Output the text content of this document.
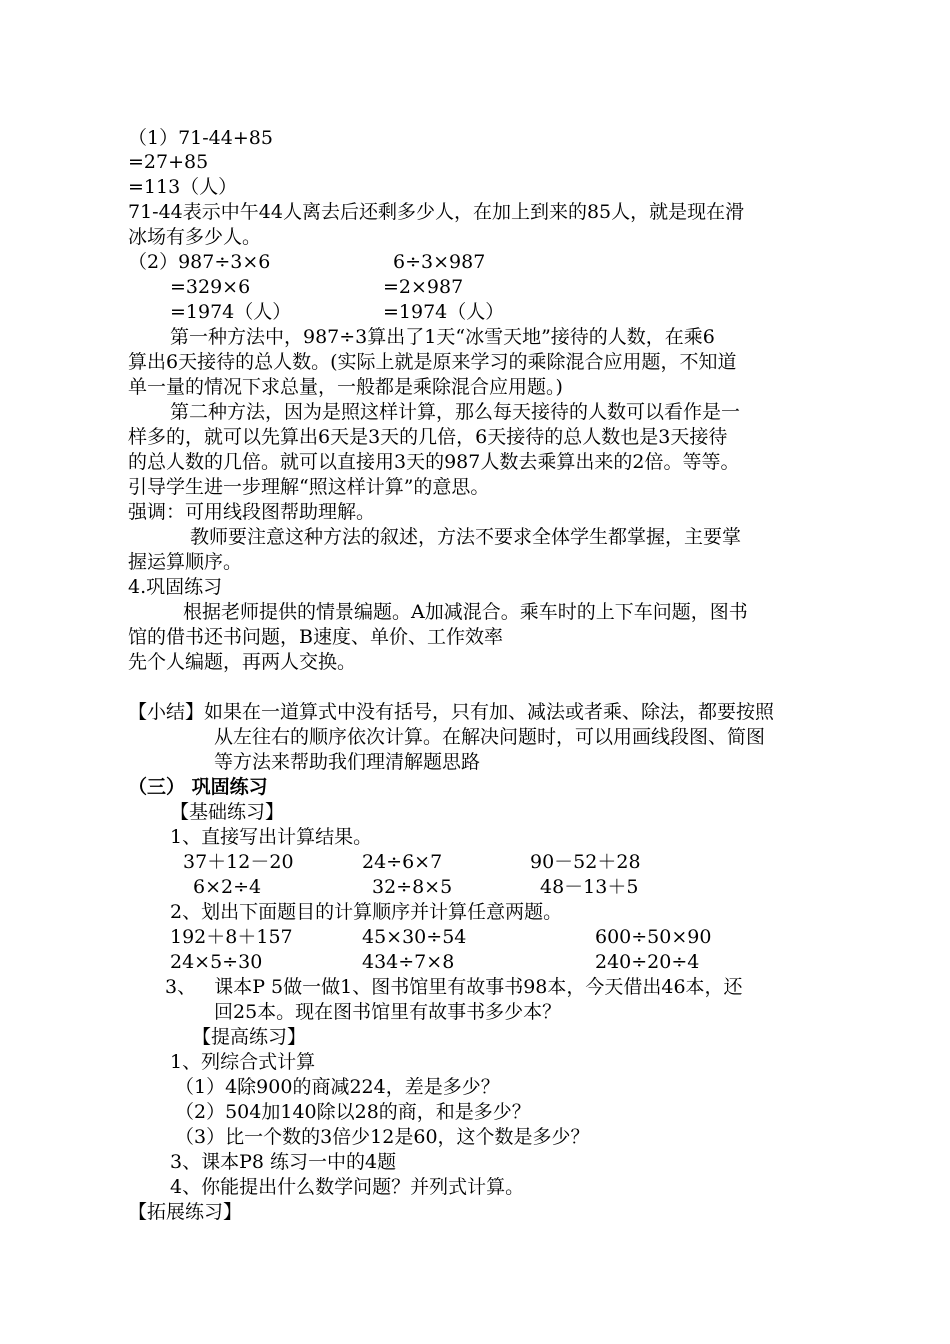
（1）71-44+85
=27+85
=113（人）
71-44表示中午44人离去后还剩多少人，在加上到来的85人，就是现在滑
冰场有多少人。
（2）987÷3×6	6÷3×987
=329×6	=2×987
=1974（人）	=1974（人）
第一种方法中，987÷3算出了1天“冰雪天地”接待的人数，在乘6
算出6天接待的总人数。(实际上就是原来学习的乘除混合应用题，不知道
单一量的情况下求总量，一般都是乘除混合应用题。)
第二种方法，因为是照这样计算，那么每天接待的人数可以看作是一
样多的，就可以先算出6天是3天的几倍，6天接待的总人数也是3天接待
的总人数的几倍。就可以直接用3天的987人数去乘算出来的2倍。等等。
引导学生进一步理解“照这样计算”的意思。
强调：可用线段图帮助理解。
教师要注意这种方法的叙述，方法不要求全体学生都掌握，主要掌
握运算顺序。
4.巩固练习
根据老师提供的情景编题。A加减混合。乘车时的上下车问题，图书
馆的借书还书问题，B速度、单价、工作效率
先个人编题，再两人交换。
【小结】如果在一道算式中没有括号，只有加、减法或者乘、除法，都要按照
从左往右的顺序依次计算。在解决问题时，可以用画线段图、简图
等方法来帮助我们理清解题思路
（三） 巩固练习
【基础练习】
1、直接写出计算结果。
37＋12－20	24÷6×7	90－52＋28
6×2÷4	32÷8×5	48－13＋5
2、划出下面题目的计算顺序并计算任意两题。
192＋8＋157	45×30÷54	600÷50×90
24×5÷30	434÷7×8	240÷20÷4
3、   课本P 5做一做1、图书馆里有故事书98本，今天借出46本，还
回25本。现在图书馆里有故事书多少本？
【提高练习】
1、列综合式计算
（1）4除900的商减224，差是多少？
（2）504加140除以28的商，和是多少？
（3）比一个数的3倍少12是60，这个数是多少？
3、课本P8 练习一中的4题
4、你能提出什么数学问题？并列式计算。
【拓展练习】
